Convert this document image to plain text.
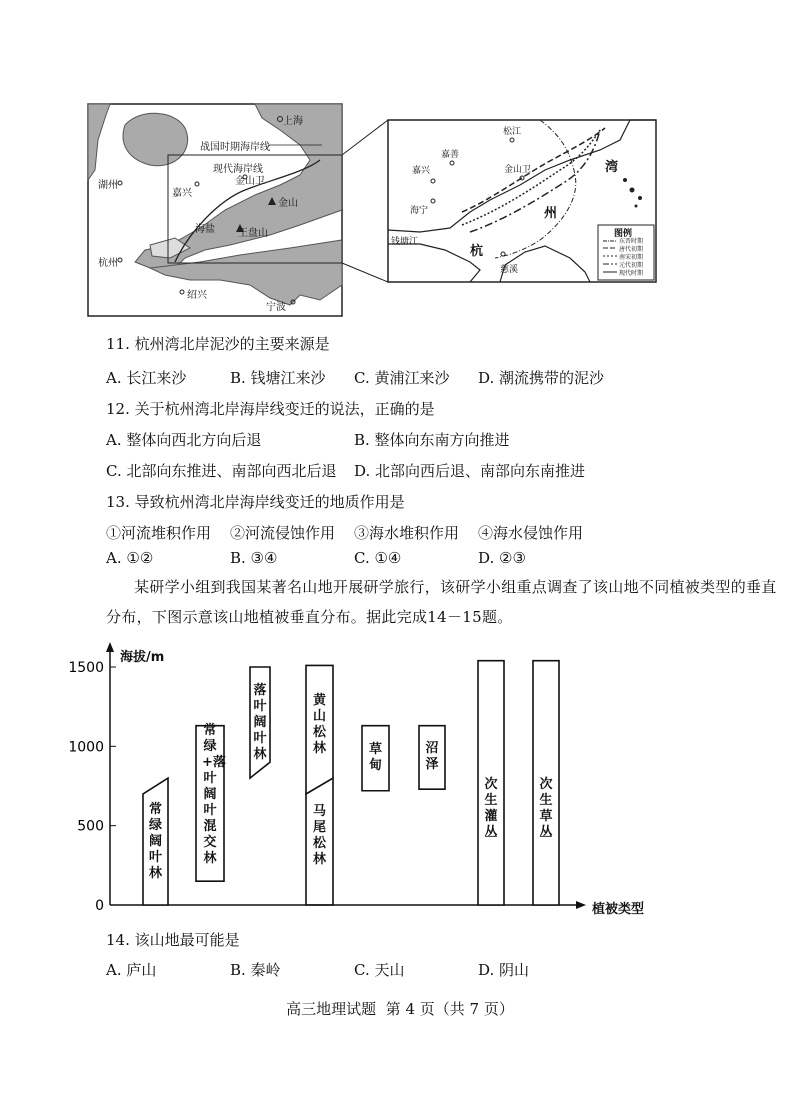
上海
战国时期海岸线
现代海岸线
金山卫
金山
湖州
嘉兴
海盐 王盘山
杭州
绍兴
宁波
松江
嘉善
嘉兴	金山卫
海宁
钱塘江
杭
州
湾
慈溪
图例
东晋时期
唐代初期
南宋初期
元代初期
现代时期
11. 杭州湾北岸泥沙的主要来源是
A. 长江来沙	B. 钱塘江来沙 C. 黄浦江来沙 D. 潮流携带的泥沙
12. 关于杭州湾北岸海岸线变迁的说法，正确的是
A. 整体向西北方向后退	B. 整体向东南方向推进
C. 北部向东推进、南部向西北后退 D. 北部向西后退、南部向东南推进
13. 导致杭州湾北岸海岸线变迁的地质作用是
①河流堆积作用 ②河流侵蚀作用 ③海水堆积作用 ④海水侵蚀作用
A. ①②	B. ③④	C. ①④	D. ②③
某研学小组到我国某著名山地开展研学旅行，该研学小组重点调查了该山地不同植被类型的垂直分布，下图示意该山地植被垂直分布。据此完成14－15题。
0
500
1000
1500
海拔/m
植被类型
常绿阔叶林
常绿+落叶阔叶混交林
落叶阔叶林
马尾松林
黄山松林	草甸
沼泽
次生灌丛
次生草丛
14. 该山地最可能是
A. 庐山	B. 秦岭	C. 天山	D. 阴山
高三地理试题  第 4 页（共 7 页）
